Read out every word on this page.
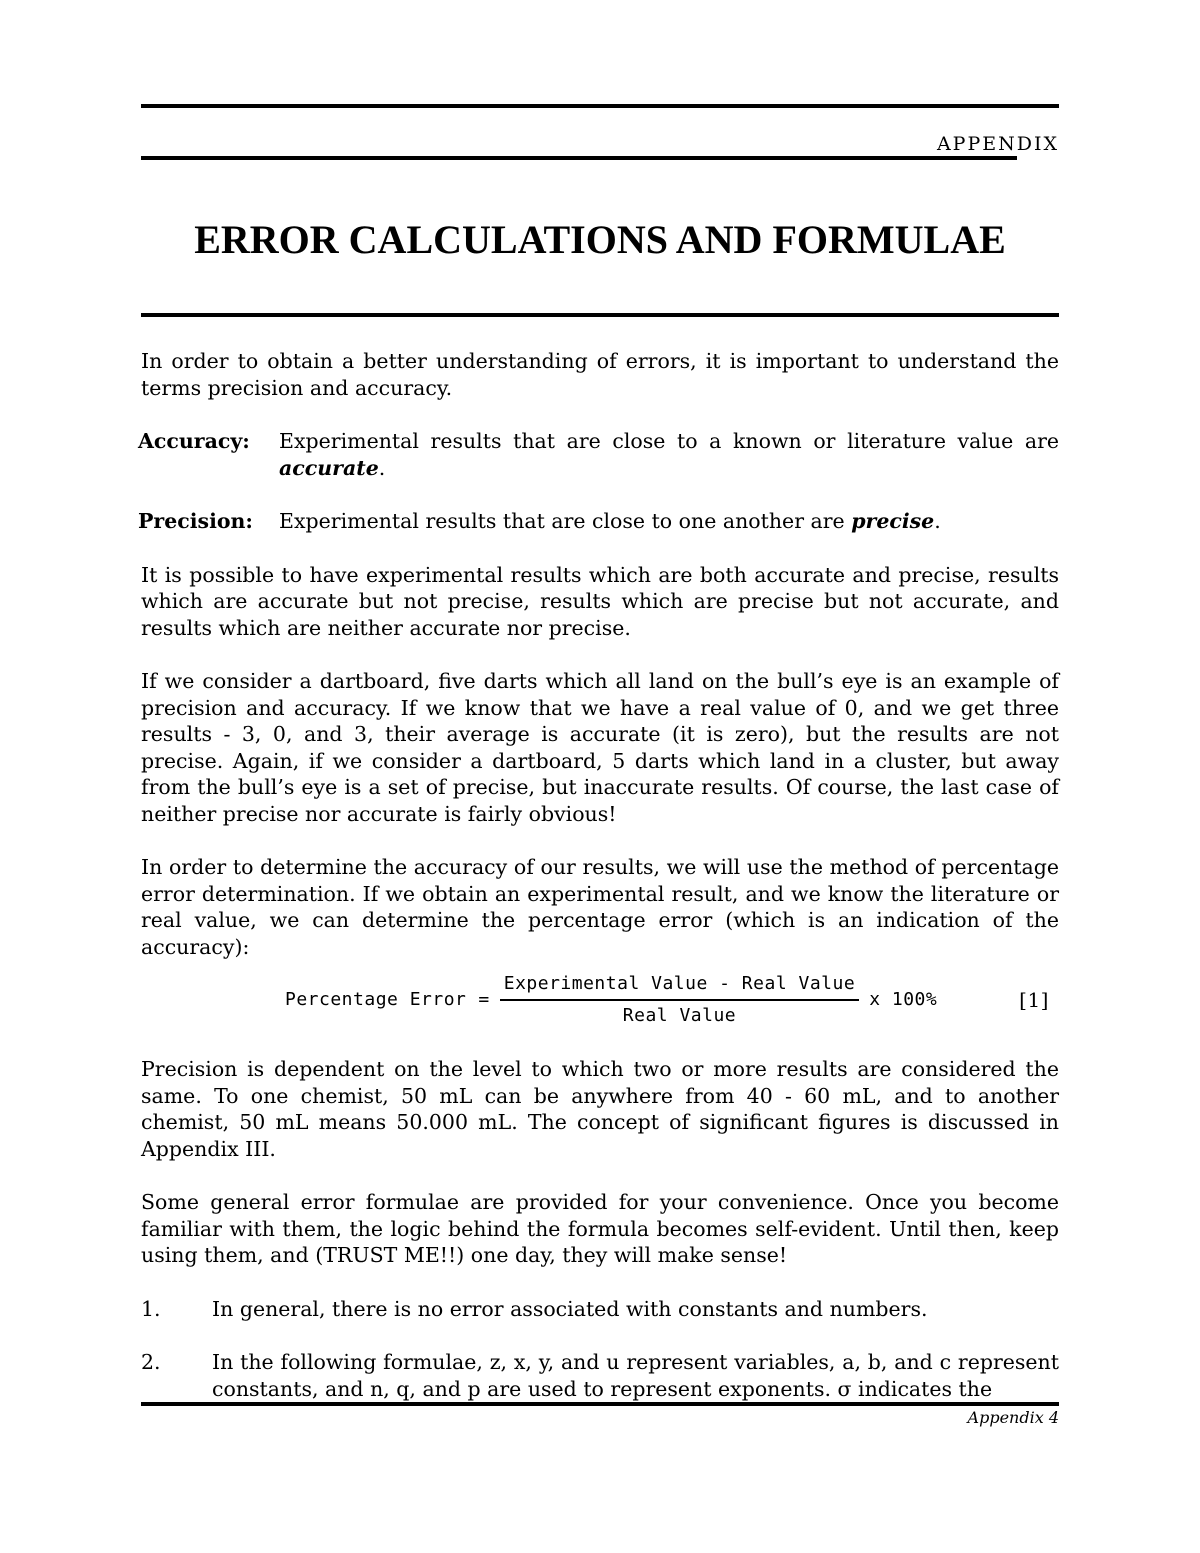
APPENDIX
ERROR CALCULATIONS AND FORMULAE

In order to obtain a better understanding of errors, it is important to understand the terms precision and accuracy.

Accuracy:	Experimental results that are close to a known or literature value are accurate.
Precision:	Experimental results that are close to one another are precise.

It is possible to have experimental results which are both accurate and precise, results which are accurate but not precise, results which are precise but not accurate, and results which are neither accurate nor precise.

If we consider a dartboard, five darts which all land on the bull’s eye is an example of precision and accuracy. If we know that we have a real value of 0, and we get three results - 3, 0, and 3, their average is accurate (it is zero), but the results are not precise. Again, if we consider a dartboard, 5 darts which land in a cluster, but away from the bull’s eye is a set of precise, but inaccurate results. Of course, the last case of neither precise nor accurate is fairly obvious!

In order to determine the accuracy of our results, we will use the method of percentage error determination. If we obtain an experimental result, and we know the literature or real value, we can determine the percentage error (which is an indication of the accuracy):

Percentage Error = $\frac{\text{Experimental Value - Real Value}}{\text{Real Value}}$ x 100%	[1]

Precision is dependent on the level to which two or more results are considered the same. To one chemist, 50 mL can be anywhere from 40 - 60 mL, and to another chemist, 50 mL means 50.000 mL. The concept of significant figures is discussed in Appendix III.

Some general error formulae are provided for your convenience. Once you become familiar with them, the logic behind the formula becomes self-evident. Until then, keep using them, and (TRUST ME!!) one day, they will make sense!

1.	In general, there is no error associated with constants and numbers.
2.	In the following formulae, z, x, y, and u represent variables, a, b, and c represent constants, and n, q, and p are used to represent exponents. σ indicates the
Appendix 4
